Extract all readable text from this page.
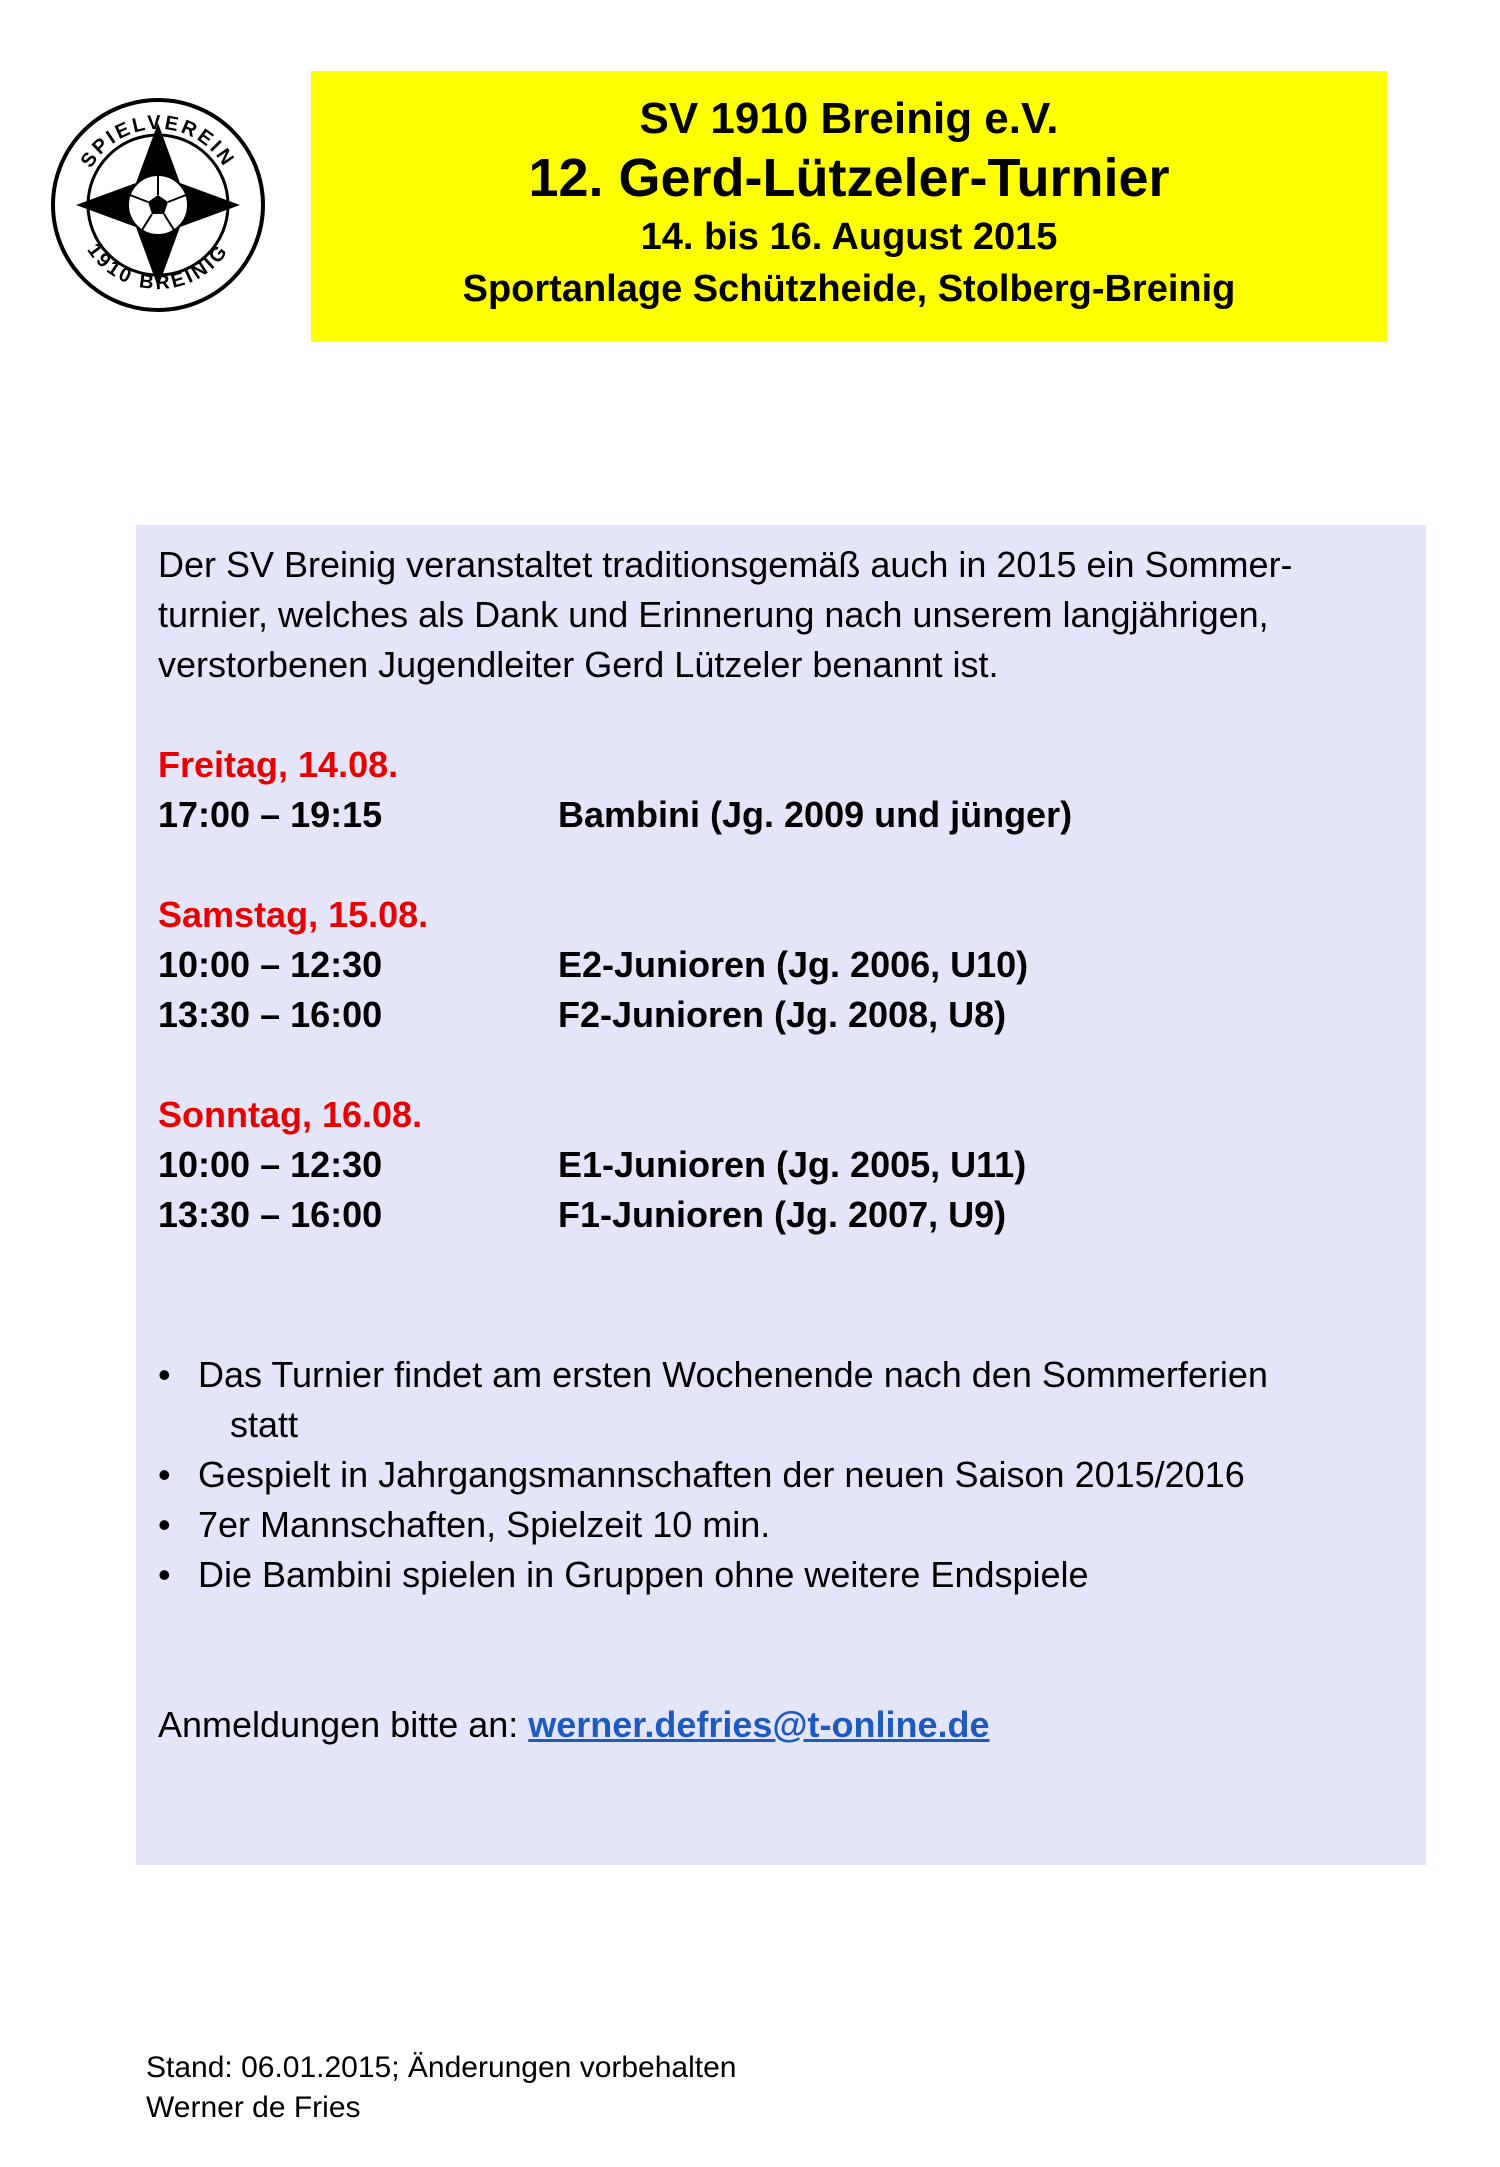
SPIELVEREIN
1910 BREINIG
SV 1910 Breinig e.V.
12. Gerd-Lützeler-Turnier
14. bis 16. August 2015
Sportanlage Schützheide, Stolberg-Breinig
Der SV Breinig veranstaltet traditionsgemäß auch in 2015 ein Sommer-
turnier, welches als Dank und Erinnerung nach unserem langjährigen,
verstorbenen Jugendleiter Gerd Lützeler benannt ist.
Freitag, 14.08.
17:00 – 19:15	Bambini (Jg. 2009 und jünger)
Samstag, 15.08.
10:00 – 12:30	E2-Junioren (Jg. 2006, U10)
13:30 – 16:00	F2-Junioren (Jg. 2008, U8)
Sonntag, 16.08.
10:00 – 12:30	E1-Junioren (Jg. 2005, U11)
13:30 – 16:00	F1-Junioren (Jg. 2007, U9)
• Das Turnier findet am ersten Wochenende nach den Sommerferien
statt
• Gespielt in Jahrgangsmannschaften der neuen Saison 2015/2016
• 7er Mannschaften, Spielzeit 10 min.
• Die Bambini spielen in Gruppen ohne weitere Endspiele
Anmeldungen bitte an: werner.defries@t-online.de
Stand: 06.01.2015; Änderungen vorbehalten
Werner de Fries
